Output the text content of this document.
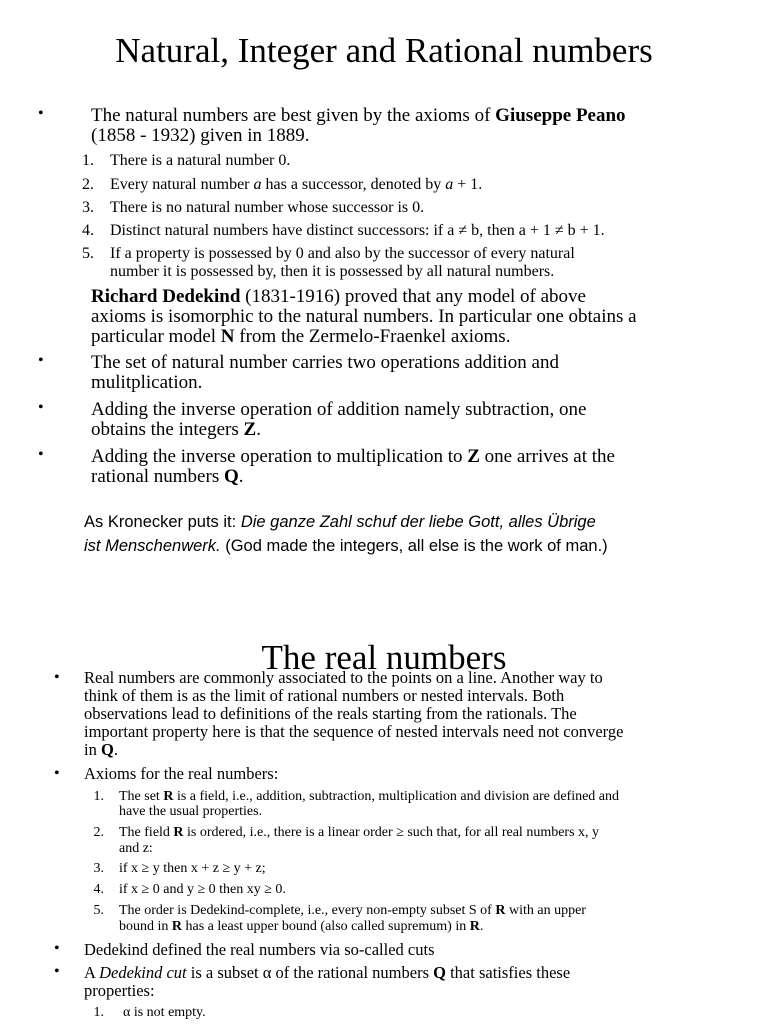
Natural, Integer and Rational numbers
• The natural numbers are best given by the axioms of Giuseppe Peano
(1858 - 1932) given in 1889.
1. There is a natural number 0.
2. Every natural number a has a successor, denoted by a + 1.
3. There is no natural number whose successor is 0.
4. Distinct natural numbers have distinct successors: if a ≠ b, then a + 1 ≠ b + 1.
5. If a property is possessed by 0 and also by the successor of every natural
number it is possessed by, then it is possessed by all natural numbers.
Richard Dedekind (1831-1916) proved that any model of above
axioms is isomorphic to the natural numbers. In particular one obtains a
particular model N from the Zermelo-Fraenkel axioms.
• The set of natural number carries two operations addition and
mulitplication.
• Adding the inverse operation of addition namely subtraction, one
obtains the integers Z.
• Adding the inverse operation to multiplication to Z one arrives at the
rational numbers Q.
As Kronecker puts it: Die ganze Zahl schuf der liebe Gott, alles Übrige
ist Menschenwerk. (God made the integers, all else is the work of man.)
The real numbers
• Real numbers are commonly associated to the points on a line. Another way to
think of them is as the limit of rational numbers or nested intervals. Both
observations lead to definitions of the reals starting from the rationals. The
important property here is that the sequence of nested intervals need not converge
in Q.
• Axioms for the real numbers:
1. The set R is a field, i.e., addition, subtraction, multiplication and division are defined and
have the usual properties.
2. The field R is ordered, i.e., there is a linear order ≥ such that, for all real numbers x, y
and z:
3. if x ≥ y then x + z ≥ y + z;
4. if x ≥ 0 and y ≥ 0 then xy ≥ 0.
5. The order is Dedekind-complete, i.e., every non-empty subset S of R with an upper
bound in R has a least upper bound (also called supremum) in R.
• Dedekind defined the real numbers via so-called cuts
• A Dedekind cut is a subset α of the rational numbers Q that satisfies these
properties:
1. α is not empty.
